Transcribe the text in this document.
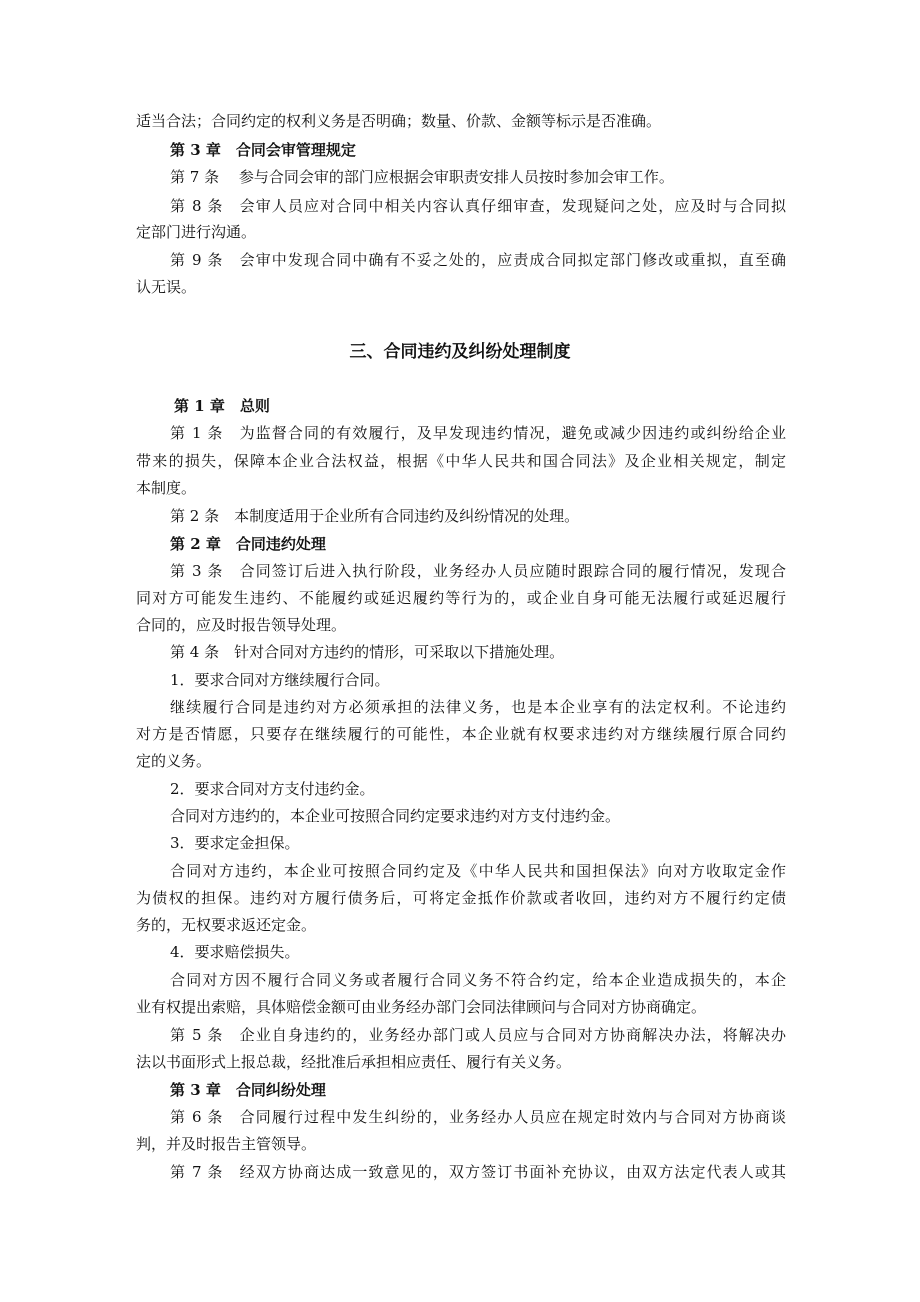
适当合法；合同约定的权利义务是否明确；数量、价款、金额等标示是否准确。
第 3 章　合同会审管理规定
第 7 条　 参与合同会审的部门应根据会审职责安排人员按时参加会审工作。
第 8 条　会审人员应对合同中相关内容认真仔细审查，发现疑问之处，应及时与合同拟
定部门进行沟通。
第 9 条　会审中发现合同中确有不妥之处的，应责成合同拟定部门修改或重拟，直至确
认无误。
三、合同违约及纠纷处理制度
第 1 章　总则
第 1 条　为监督合同的有效履行，及早发现违约情况，避免或减少因违约或纠纷给企业
带来的损失，保障本企业合法权益，根据《中华人民共和国合同法》及企业相关规定，制定
本制度。
第 2 条　本制度适用于企业所有合同违约及纠纷情况的处理。
第 2 章　合同违约处理
第 3 条　合同签订后进入执行阶段，业务经办人员应随时跟踪合同的履行情况，发现合
同对方可能发生违约、不能履约或延迟履约等行为的，或企业自身可能无法履行或延迟履行
合同的，应及时报告领导处理。
第 4 条　针对合同对方违约的情形，可采取以下措施处理。
1．要求合同对方继续履行合同。
继续履行合同是违约对方必须承担的法律义务，也是本企业享有的法定权利。不论违约
对方是否情愿，只要存在继续履行的可能性，本企业就有权要求违约对方继续履行原合同约
定的义务。
2．要求合同对方支付违约金。
合同对方违约的，本企业可按照合同约定要求违约对方支付违约金。
3．要求定金担保。
合同对方违约，本企业可按照合同约定及《中华人民共和国担保法》向对方收取定金作
为债权的担保。违约对方履行债务后，可将定金抵作价款或者收回，违约对方不履行约定债
务的，无权要求返还定金。
4．要求赔偿损失。
合同对方因不履行合同义务或者履行合同义务不符合约定，给本企业造成损失的，本企
业有权提出索赔，具体赔偿金额可由业务经办部门会同法律顾问与合同对方协商确定。
第 5 条　企业自身违约的，业务经办部门或人员应与合同对方协商解决办法，将解决办
法以书面形式上报总裁，经批准后承担相应责任、履行有关义务。
第 3 章　合同纠纷处理
第 6 条　合同履行过程中发生纠纷的，业务经办人员应在规定时效内与合同对方协商谈
判，并及时报告主管领导。
第 7 条　经双方协商达成一致意见的，双方签订书面补充协议，由双方法定代表人或其
